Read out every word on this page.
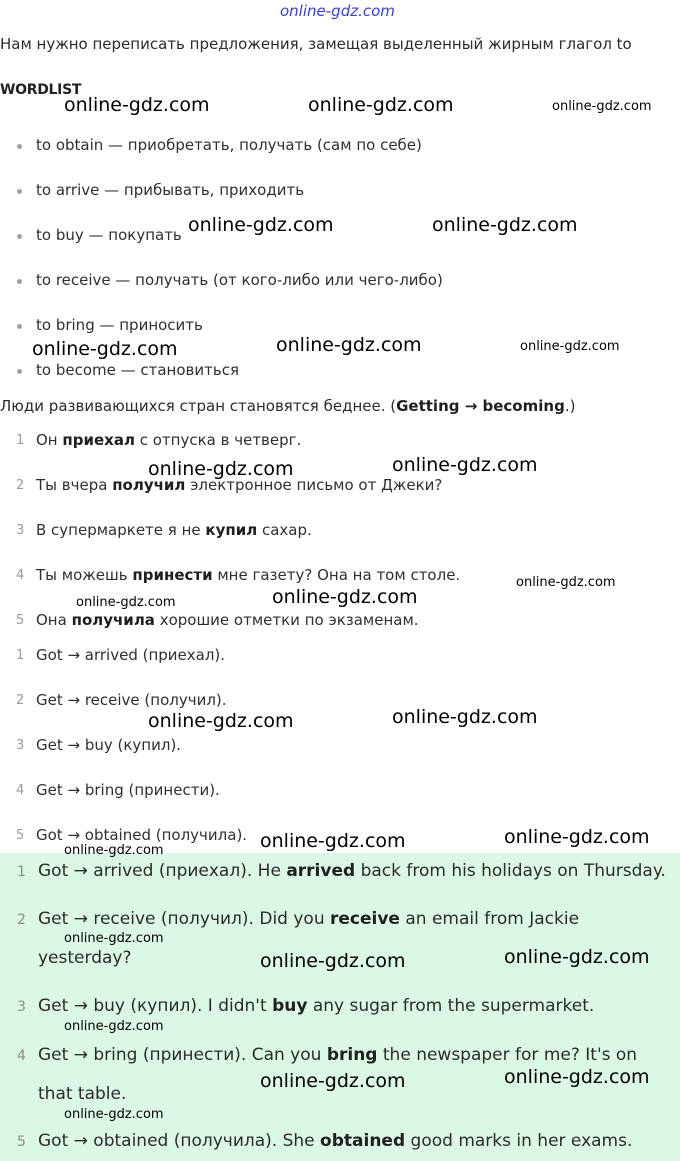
online-gdz.com
Нам нужно переписать предложения, замещая выделенный жирным глагол to
WORDLIST
to obtain — приобретать, получать (сам по себе)
to arrive — прибывать, приходить
to buy — покупать
to receive — получать (от кого-либо или чего-либо)
to bring — приносить
to become — становиться
Люди развивающихся стран становятся беднее. (Getting → becoming.)
1 Он приехал с отпуска в четверг.
2 Ты вчера получил электронное письмо от Джеки?
3 В супермаркете я не купил сахар.
4 Ты можешь принести мне газету? Она на том столе.
5 Она получила хорошие отметки по экзаменам.
1 Got → arrived (приехал).
2 Get → receive (получил).
3 Get → buy (купил).
4 Get → bring (принести).
5 Got → obtained (получила).
1 Got → arrived (приехал). He arrived back from his holidays on Thursday.
2 Get → receive (получил). Did you receive an email from Jackie
yesterday?
3 Get → buy (купил). I didn't buy any sugar from the supermarket.
4 Get → bring (принести). Can you bring the newspaper for me? It's on
that table.
5 Got → obtained (получила). She obtained good marks in her exams.
online-gdz.com	online-gdz.com	online-gdz.com
online-gdz.com	online-gdz.com
online-gdz.com	online-gdz.com	online-gdz.com
online-gdz.com	online-gdz.com
online-gdz.com
online-gdz.com	online-gdz.com
online-gdz.com	online-gdz.com
online-gdz.com	online-gdz.com
online-gdz.com
online-gdz.com
online-gdz.com	online-gdz.com
online-gdz.com
online-gdz.com	online-gdz.com
online-gdz.com
